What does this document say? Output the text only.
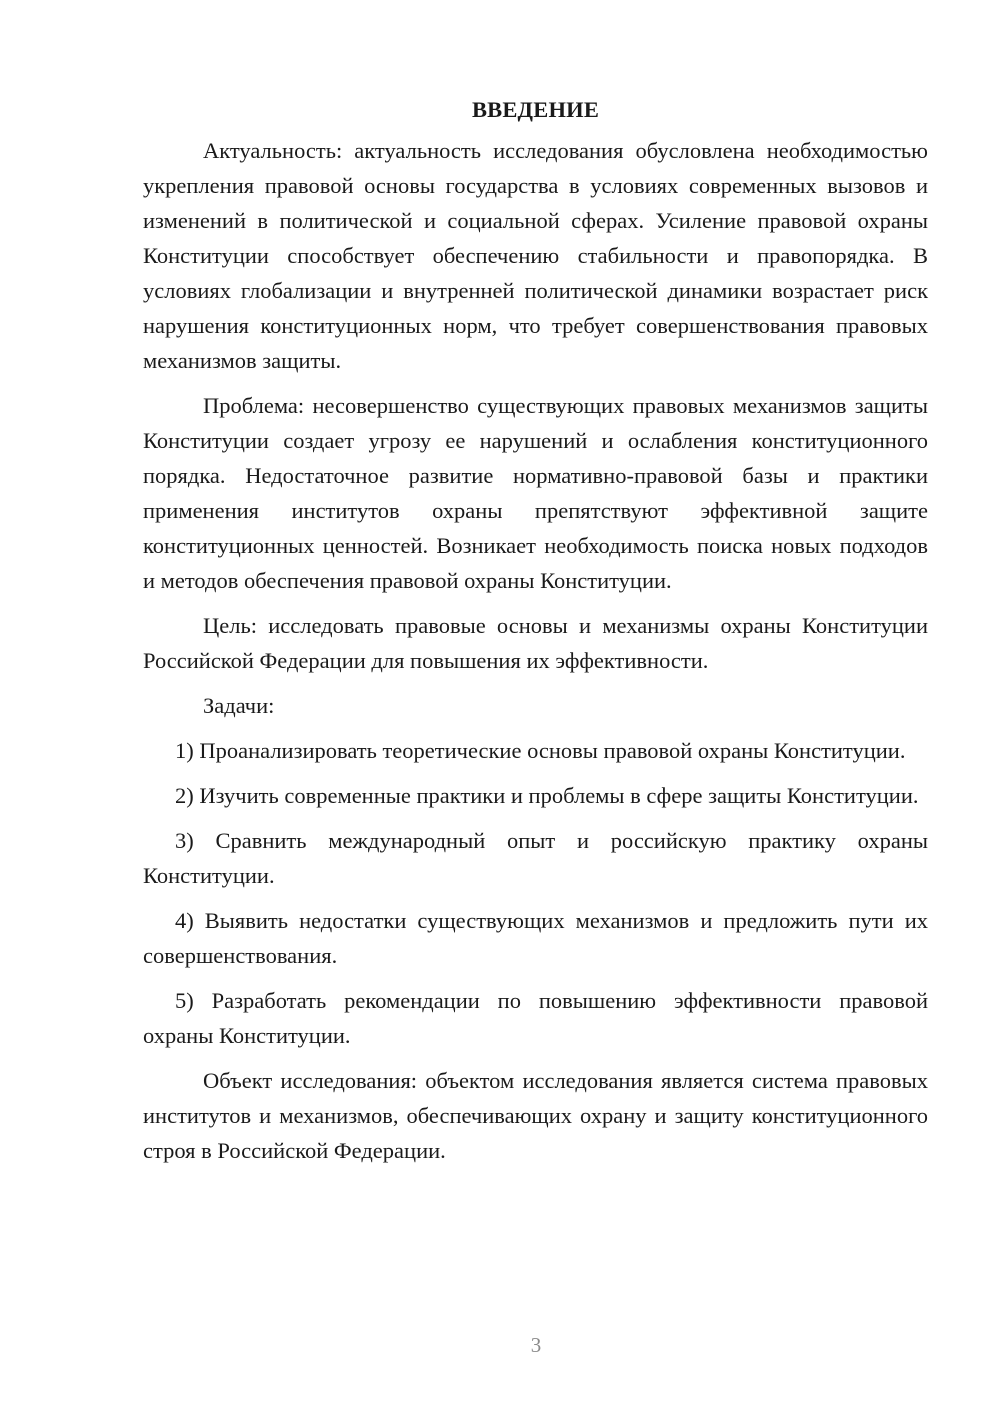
ВВЕДЕНИЕ

Актуальность: актуальность исследования обусловлена необходимостью укрепления правовой основы государства в условиях современных вызовов и изменений в политической и социальной сферах. Усиление правовой охраны Конституции способствует обеспечению стабильности и правопорядка. В условиях глобализации и внутренней политической динамики возрастает риск нарушения конституционных норм, что требует совершенствования правовых механизмов защиты.

Проблема: несовершенство существующих правовых механизмов защиты Конституции создает угрозу ее нарушений и ослабления конституционного порядка. Недостаточное развитие нормативно-правовой базы и практики применения институтов охраны препятствуют эффективной защите конституционных ценностей. Возникает необходимость поиска новых подходов и методов обеспечения правовой охраны Конституции.

Цель: исследовать правовые основы и механизмы охраны Конституции Российской Федерации для повышения их эффективности.

Задачи:

1) Проанализировать теоретические основы правовой охраны Конституции.

2) Изучить современные практики и проблемы в сфере защиты Конституции.

3) Сравнить международный опыт и российскую практику охраны Конституции.

4) Выявить недостатки существующих механизмов и предложить пути их совершенствования.

5) Разработать рекомендации по повышению эффективности правовой охраны Конституции.

Объект исследования: объектом исследования является система правовых институтов и механизмов, обеспечивающих охрану и защиту конституционного строя в Российской Федерации.

3
